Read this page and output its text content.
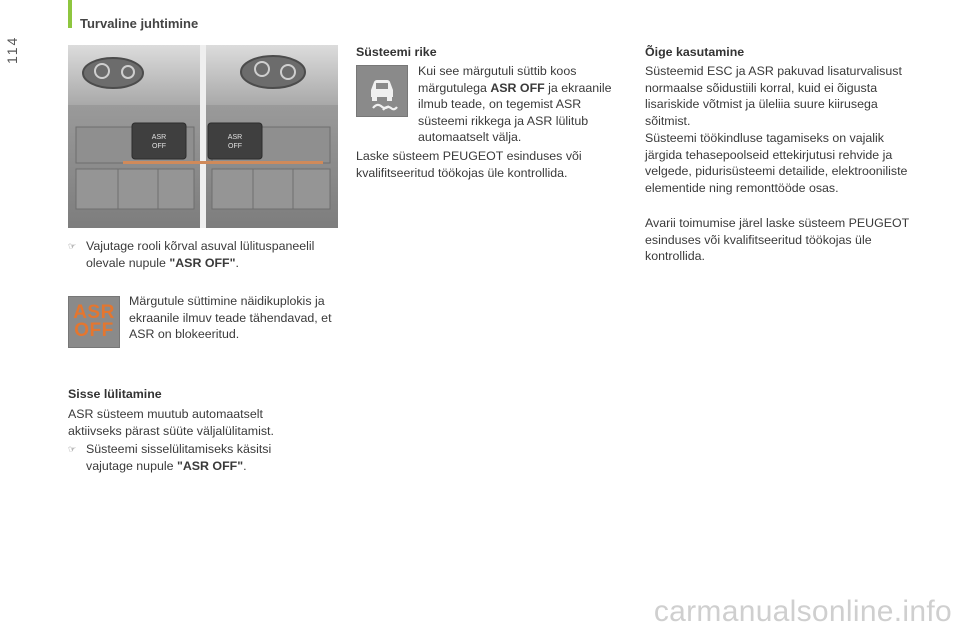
Turvaline juhtimine
114
ASR
OFF
ASR
OFF
☞ Vajutage rooli kõrval asuval lülituspaneelil olevale nupule "ASR OFF".

ASR
OFF

Märgutule süttimine näidikuplokis ja ekraanile ilmuv teade tähendavad, et ASR on blokeeritud.

Sisse lülitamine

ASR süsteem muutub automaatselt aktiivseks pärast süüte väljalülitamist.

☞ Süsteemi sisselülitamiseks käsitsi vajutage nupule "ASR OFF".

Süsteemi rike

Kui see märgutuli süttib koos märgutulega ASR OFF ja ekraanile ilmub teade, on tegemist ASR süsteemi rikkega ja ASR lülitub automaatselt välja.

Laske süsteem PEUGEOT esinduses või kvalifitseeritud töökojas üle kontrollida.

Õige kasutamine

Süsteemid ESC ja ASR pakuvad lisaturvalisust normaalse sõidustiili korral, kuid ei õigusta lisariskide võtmist ja üleliia suure kiirusega sõitmist.

Süsteemi töökindluse tagamiseks on vajalik järgida tehasepoolseid ettekirjutusi rehvide ja velgede, pidurisüsteemi detailide, elektrooniliste elementide ning remonttööde osas.

Avarii toimumise järel laske süsteem PEUGEOT esinduses või kvalifitseeritud töökojas üle kontrollida.

carmanualsonline.info
